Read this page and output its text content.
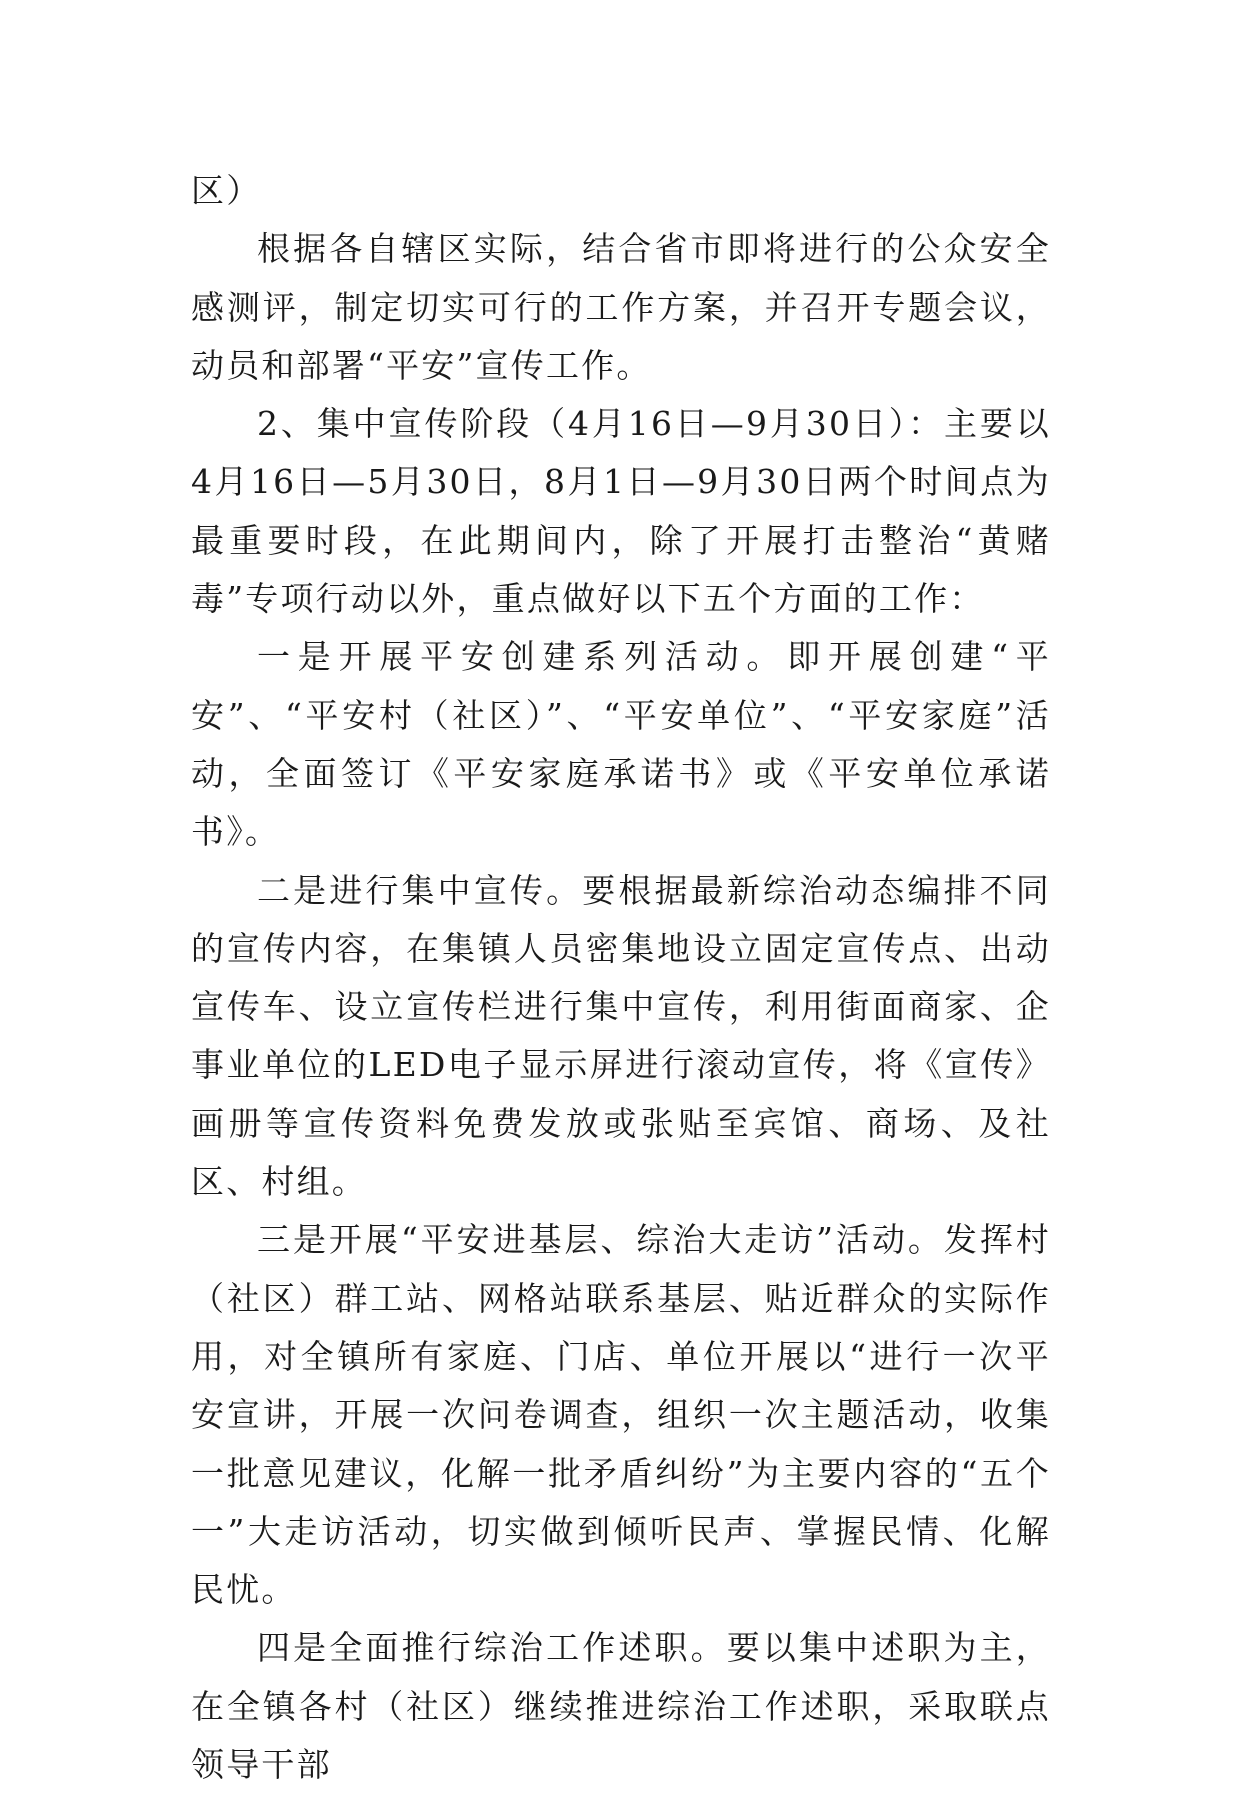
区）

根据各自辖区实际，结合省市即将进行的公众安全感测评，制定切实可行的工作方案，并召开专题会议，动员和部署“平安”宣传工作。

2、集中宣传阶段（4月16日—9月30日）：主要以4月16日—5月30日，8月1日—9月30日两个时间点为最重要时段，在此期间内，除了开展打击整治“黄赌毒”专项行动以外，重点做好以下五个方面的工作：

一是开展平安创建系列活动。即开展创建“平安”、“平安村（社区）”、“平安单位”、“平安家庭”活动，全面签订《平安家庭承诺书》或《平安单位承诺书》。

二是进行集中宣传。要根据最新综治动态编排不同的宣传内容，在集镇人员密集地设立固定宣传点、出动宣传车、设立宣传栏进行集中宣传，利用街面商家、企事业单位的LED电子显示屏进行滚动宣传，将《宣传》画册等宣传资料免费发放或张贴至宾馆、商场、及社区、村组。

三是开展“平安进基层、综治大走访”活动。发挥村（社区）群工站、网格站联系基层、贴近群众的实际作用，对全镇所有家庭、门店、单位开展以“进行一次平安宣讲，开展一次问卷调查，组织一次主题活动，收集一批意见建议，化解一批矛盾纠纷”为主要内容的“五个一”大走访活动，切实做到倾听民声、掌握民情、化解民忧。

四是全面推行综治工作述职。要以集中述职为主，在全镇各村（社区）继续推进综治工作述职，采取联点领导干部
